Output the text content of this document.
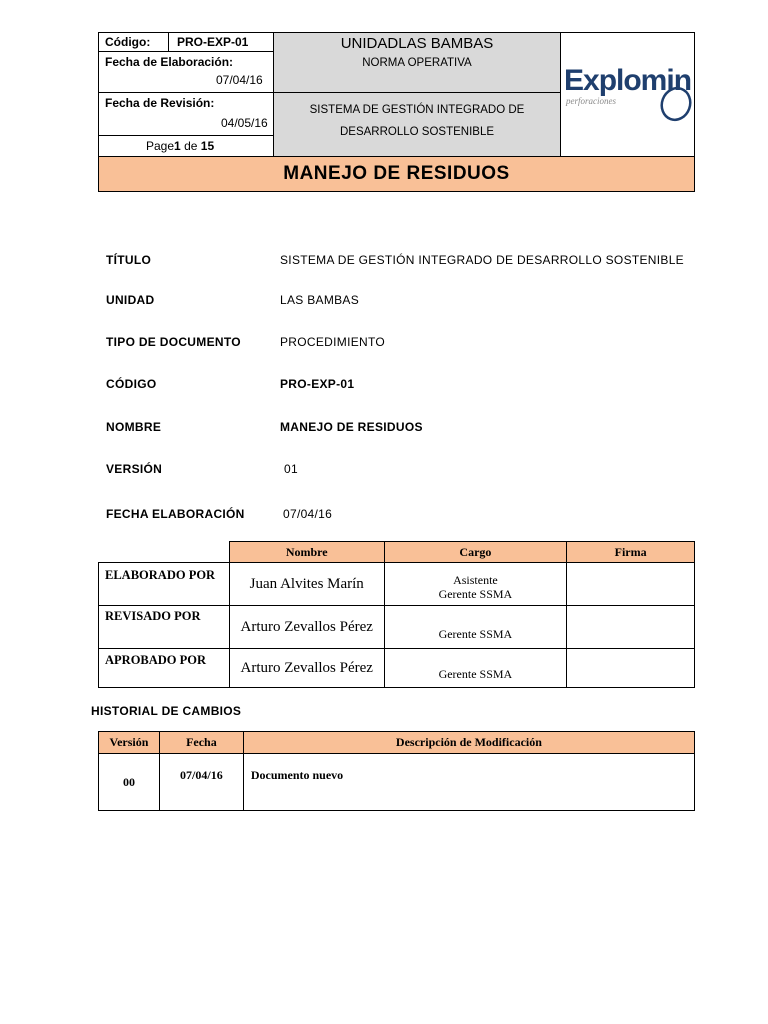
Código: PRO-EXP-01
Fecha de Elaboración:
07/04/16
Fecha de Revisión:
04/05/16
Page1 de 15
UNIDADLAS BAMBAS
NORMA OPERATIVA
SISTEMA DE GESTIÓN INTEGRADO DE
DESARROLLO SOSTENIBLE
Explomin
perforaciones
MANEJO DE RESIDUOS
TÍTULO	SISTEMA DE GESTIÓN INTEGRADO DE DESARROLLO SOSTENIBLE
UNIDAD	LAS BAMBAS
TIPO DE DOCUMENTO	PROCEDIMIENTO
CÓDIGO	PRO-EXP-01
NOMBRE	MANEJO DE RESIDUOS
VERSIÓN	01
FECHA ELABORACIÓN	07/04/16
	Nombre	Cargo	Firma
ELABORADO POR	Juan Alvites Marín	Asistente
Gerente SSMA	

REVISADO POR	Arturo Zevallos Pérez	Gerente SSMA	
APROBADO POR	Arturo Zevallos Pérez	Gerente SSMA	
HISTORIAL DE CAMBIOS
Versión	Fecha	Descripción de Modificación
00	07/04/16	Documento nuevo
